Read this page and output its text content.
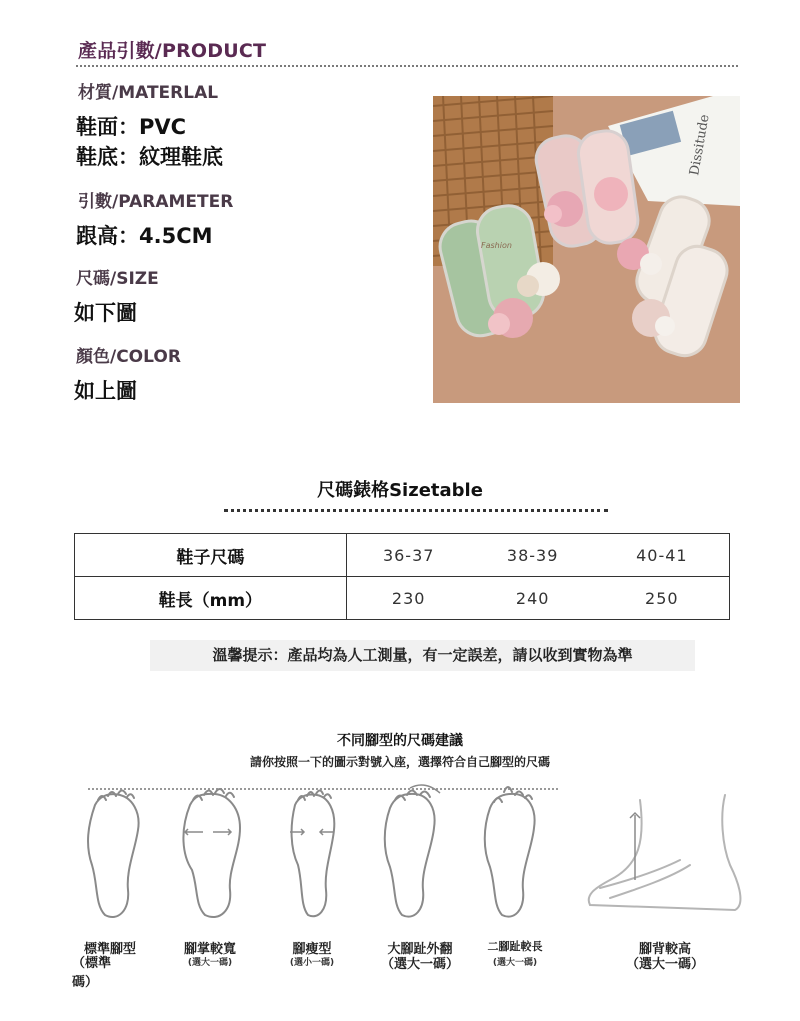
產品引數/PRODUCT
材質/MATERLAL
鞋面：PVC
鞋底：紋理鞋底
引數/PARAMETER
跟高：4.5CM
尺碼/SIZE
如下圖
顏色/COLOR
如上圖
Dissitude
Fashion
尺碼錶格Sizetable
鞋子尺碼	36-37	38-39	40-41
鞋長（mm）	230	240	250
溫馨提示：產品均為人工測量，有一定誤差，請以收到實物為準
不同腳型的尺碼建議
請你按照一下的圖示對號入座，選擇符合自己腳型的尺碼
標準腳型
（標準碼）
腳掌較寬
(選大一碼)
腳瘦型
(選小一碼)
大腳趾外翻
（選大一碼）
二腳趾較長
(選大一碼)
腳背較高
（選大一碼）
